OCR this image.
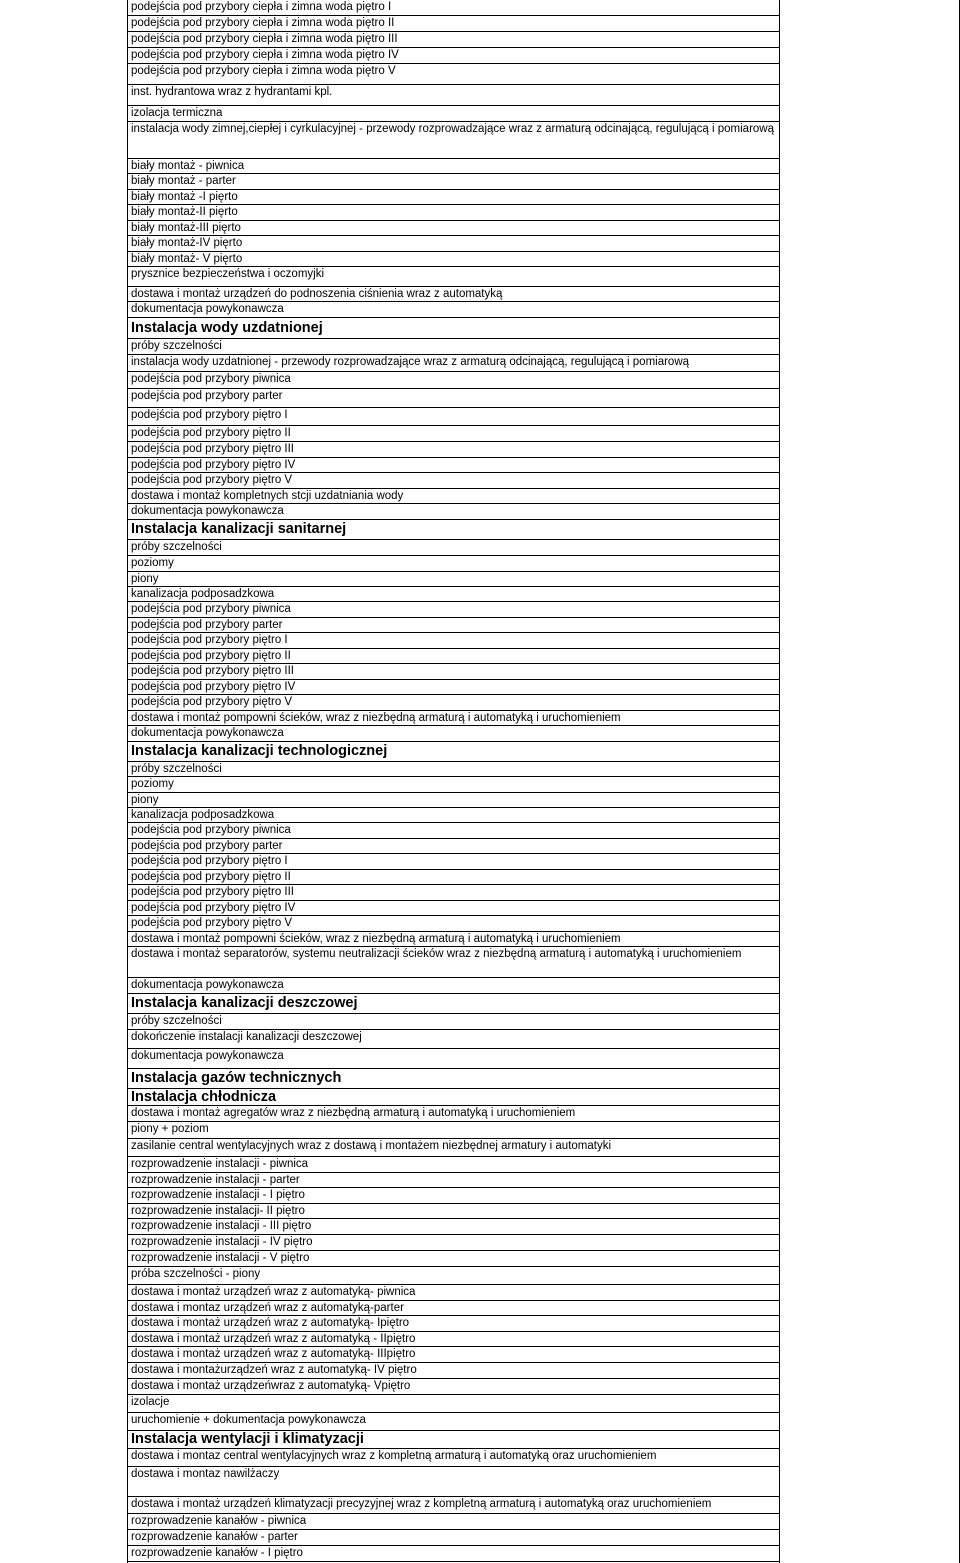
podejścia pod przybory ciepła i zimna woda piętro I
podejścia pod przybory ciepła i zimna woda piętro II
podejścia pod przybory ciepła i zimna woda piętro III
podejścia pod przybory ciepła i zimna woda piętro IV
podejścia pod przybory ciepła i zimna woda piętro V
inst. hydrantowa wraz z hydrantami kpl.
izolacja termiczna
instalacja wody zimnej,ciepłej i cyrkulacyjnej - przewody rozprowadzające wraz z armaturą odcinającą, regulującą i pomiarową
biały montaż - piwnica
biały montaż - parter
biały montaż -I pięrto
biały montaż-II pięrto
biały montaż-III pięrto
biały montaż-IV pięrto
biały montaż- V pięrto
prysznice bezpieczeństwa i oczomyjki
dostawa i montaż urządzeń do podnoszenia ciśnienia wraz z automatyką
dokumentacja powykonawcza
Instalacja wody uzdatnionej
próby szczelności
instalacja wody uzdatnionej - przewody rozprowadzające wraz z armaturą odcinającą, regulującą i pomiarową
podejścia pod przybory piwnica
podejścia pod przybory parter
podejścia pod przybory piętro I
podejścia pod przybory piętro II
podejścia pod przybory piętro III
podejścia pod przybory piętro IV
podejścia pod przybory piętro V
dostawa i montaż kompletnych stcji uzdatniania wody
dokumentacja powykonawcza
Instalacja kanalizacji sanitarnej
próby szczelności
poziomy
piony
kanalizacja podposadzkowa
podejścia pod przybory piwnica
podejścia pod przybory parter
podejścia pod przybory piętro I
podejścia pod przybory piętro II
podejścia pod przybory piętro III
podejścia pod przybory piętro IV
podejścia pod przybory piętro V
dostawa i montaż pompowni ścieków, wraz z niezbędną armaturą i automatyką i uruchomieniem
dokumentacja powykonawcza
Instalacja kanalizacji technologicznej
próby szczelności
poziomy
piony
kanalizacja podposadzkowa
podejścia pod przybory piwnica
podejścia pod przybory parter
podejścia pod przybory piętro I
podejścia pod przybory piętro II
podejścia pod przybory piętro III
podejścia pod przybory piętro IV
podejścia pod przybory piętro V
dostawa i montaż pompowni ścieków, wraz z niezbędną armaturą i automatyką i uruchomieniem
dostawa i montaż separatorów, systemu neutralizacji ścieków wraz z niezbędną armaturą i automatyką i uruchomieniem
dokumentacja powykonawcza
Instalacja kanalizacji deszczowej
próby szczelności
dokończenie instalacji kanalizacji deszczowej
dokumentacja powykonawcza
Instalacja gazów technicznych
Instalacja chłodnicza
dostawa i montaż agregatów wraz z niezbędną armaturą i automatyką i uruchomieniem
piony + poziom
zasilanie central wentylacyjnych wraz z dostawą i montażem niezbędnej armatury i automatyki
rozprowadzenie instalacji - piwnica
rozprowadzenie instalacji - parter
rozprowadzenie instalacji - I piętro
rozprowadzenie instalacji- II piętro
rozprowadzenie instalacji - III piętro
rozprowadzenie instalacji - IV piętro
rozprowadzenie instalacji - V piętro
próba szczelności - piony
dostawa i montaż urządzeń wraz z automatyką- piwnica
dostawa i montaz urządzeń wraz z automatyką-parter
dostawa i montaż urządzeń wraz z automatyką- Ipiętro
dostawa i montaż urządzeń wraz z automatyką - IIpiętro
dostawa i montaż urządzeń wraz z automatyką- IIIpiętro
dostawa i montażurządzeń wraz z automatyką- IV piętro
dostawa i montaż urządzeńwraz z automatyką- Vpiętro
izolacje
uruchomienie + dokumentacja powykonawcza
Instalacja wentylacji i klimatyzacji
dostawa i montaz central wentylacyjnych wraz z kompletną armaturą i automatyką oraz uruchomieniem
dostawa i montaz nawilżaczy
dostawa i montaż urządzeń klimatyzacji precyzyjnej wraz z kompletną armaturą i automatyką oraz uruchomieniem
rozprowadzenie kanałów - piwnica
rozprowadzenie kanałów - parter
rozprowadzenie kanałów - I piętro
